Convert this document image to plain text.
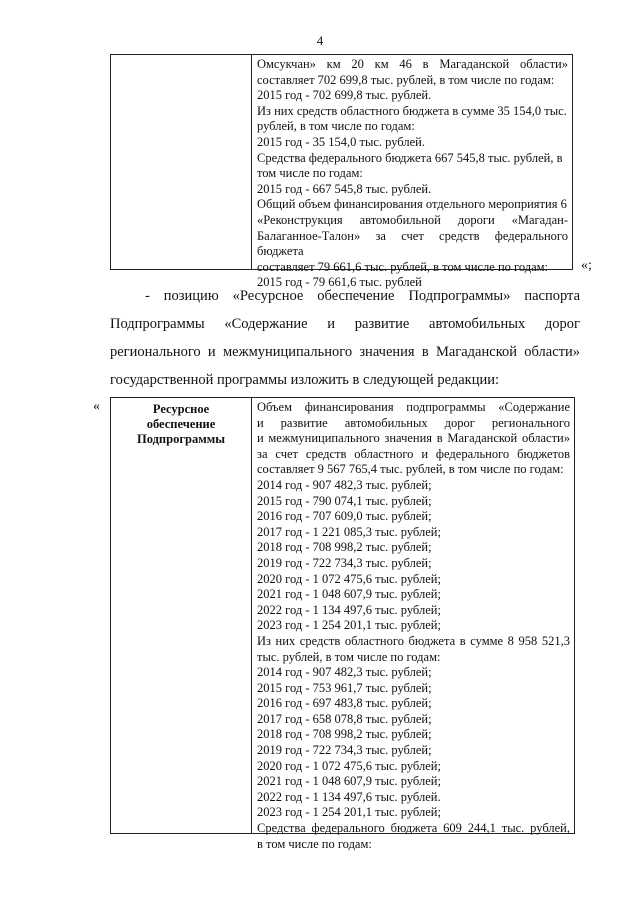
4

Омсукчан» км 20 км 46 в Магаданской области»
составляет 702 699,8 тыс. рублей, в том числе по годам:
2015 год - 702 699,8 тыс. рублей.
Из них средств областного бюджета в сумме 35 154,0 тыс.
рублей, в том числе по годам:
2015 год - 35 154,0 тыс. рублей.
Средства федерального бюджета 667 545,8 тыс. рублей, в
том числе по годам:
2015 год - 667 545,8 тыс. рублей.
Общий объем финансирования отдельного мероприятия 6
«Реконструкция автомобильной дороги «Магадан-
Балаганное-Талон» за счет средств федерального бюджета
составляет 79 661,6 тыс. рублей, в том числе по годам:
2015 год - 79 661,6 тыс. рублей
«;
- позицию «Ресурсное обеспечение Подпрограммы» паспорта
Подпрограммы «Содержание и развитие автомобильных дорог
регионального и межмуниципального значения в Магаданской области»
государственной программы изложить в следующей редакции:
«	Ресурсное
обеспечение
Подпрограммы

Объем финансирования подпрограммы «Содержание
и развитие автомобильных дорог регионального
и межмуниципального значения в Магаданской области»
за счет средств областного и федерального бюджетов
составляет 9 567 765,4 тыс. рублей, в том числе по годам:
2014 год - 907 482,3 тыс. рублей;
2015 год - 790 074,1 тыс. рублей;
2016 год - 707 609,0 тыс. рублей;
2017 год - 1 221 085,3 тыс. рублей;
2018 год - 708 998,2 тыс. рублей;
2019 год - 722 734,3 тыс. рублей;
2020 год - 1 072 475,6 тыс. рублей;
2021 год - 1 048 607,9 тыс. рублей;
2022 год - 1 134 497,6 тыс. рублей;
2023 год - 1 254 201,1 тыс. рублей;
Из них средств областного бюджета в сумме 8 958 521,3
тыс. рублей, в том числе по годам:
2014 год - 907 482,3 тыс. рублей;
2015 год - 753 961,7 тыс. рублей;
2016 год - 697 483,8 тыс. рублей;
2017 год - 658 078,8 тыс. рублей;
2018 год - 708 998,2 тыс. рублей;
2019 год - 722 734,3 тыс. рублей;
2020 год - 1 072 475,6 тыс. рублей;
2021 год - 1 048 607,9 тыс. рублей;
2022 год - 1 134 497,6 тыс. рублей.
2023 год - 1 254 201,1 тыс. рублей;
Средства федерального бюджета 609 244,1 тыс. рублей,
в том числе по годам:
